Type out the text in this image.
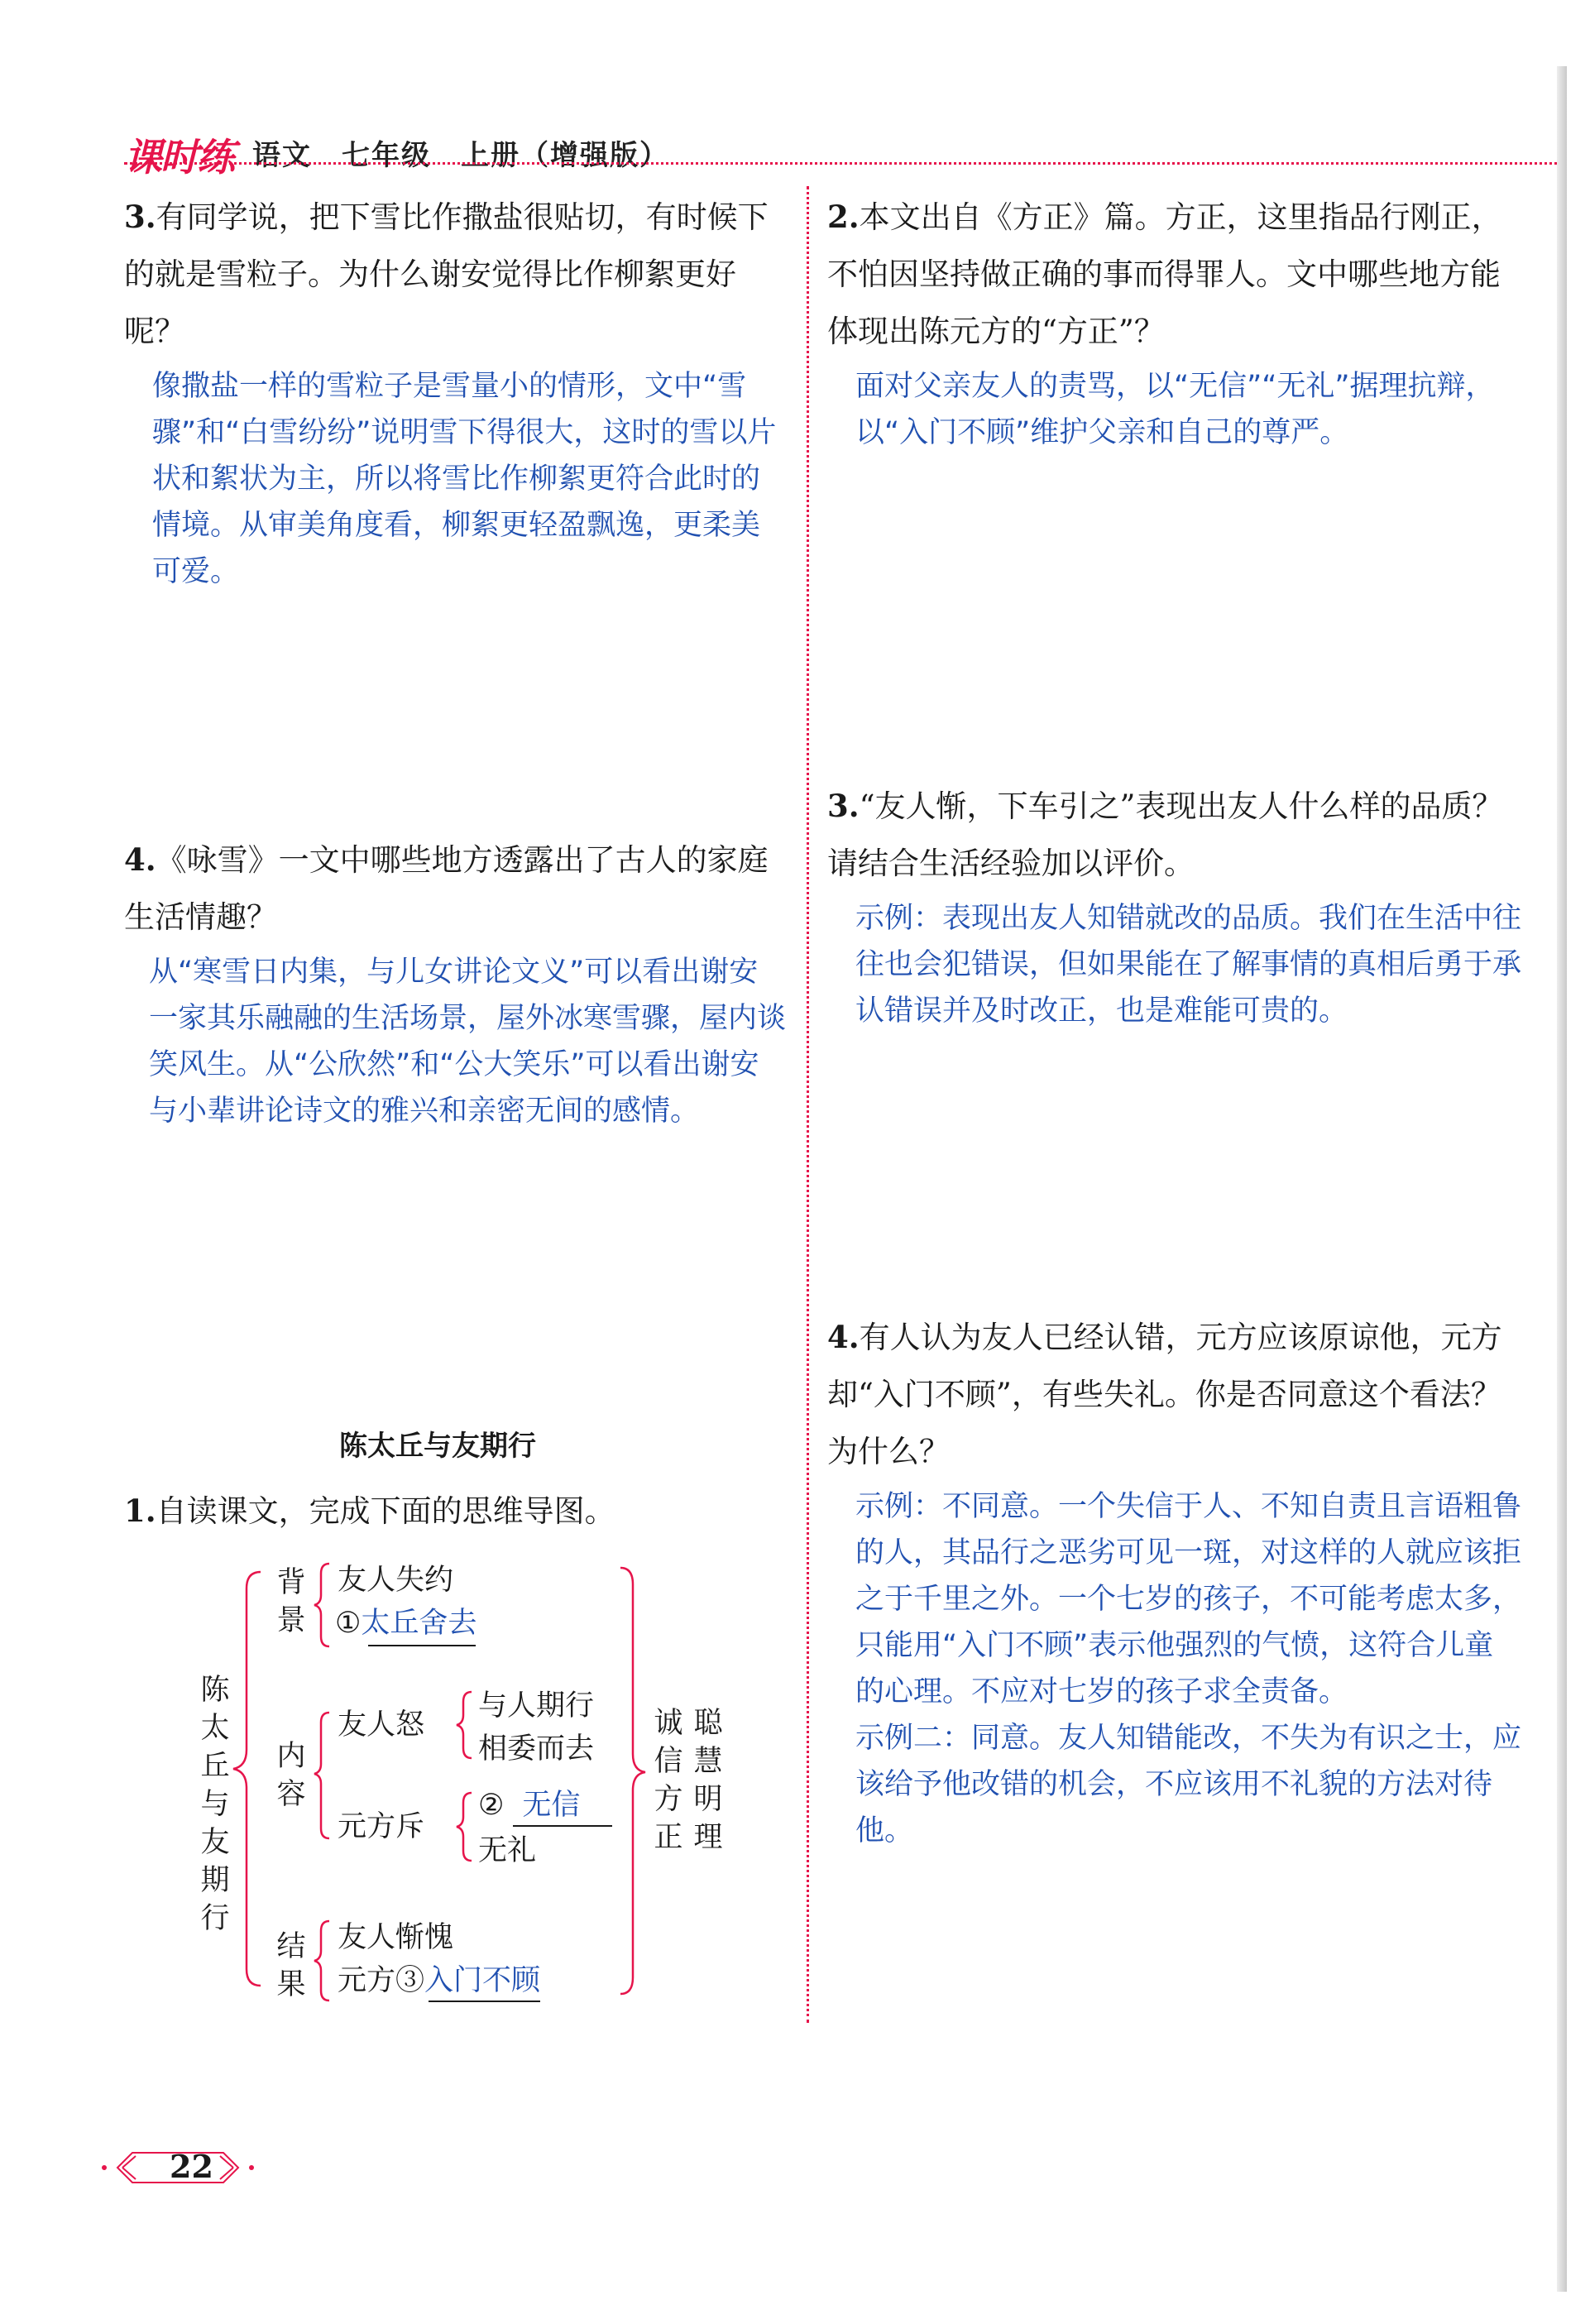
课时练 语文　七年级　上册（增强版）
3.有同学说，把下雪比作撒盐很贴切，有时候下的就是雪粒子。为什么谢安觉得比作柳絮更好呢？
像撒盐一样的雪粒子是雪量小的情形，文中“雪骤”和“白雪纷纷”说明雪下得很大，这时的雪以片状和絮状为主，所以将雪比作柳絮更符合此时的情境。从审美角度看，柳絮更轻盈飘逸，更柔美可爱。
4.《咏雪》一文中哪些地方透露出了古人的家庭生活情趣？
从“寒雪日内集，与儿女讲论文义”可以看出谢安一家其乐融融的生活场景，屋外冰寒雪骤，屋内谈笑风生。从“公欣然”和“公大笑乐”可以看出谢安与小辈讲论诗文的雅兴和亲密无间的感情。
陈太丘与友期行
1.自读课文，完成下面的思维导图。
陈太丘与友期行
背景
友人失约
①太丘舍去
内容
友人怒
与人期行
相委而去
元方斥
② 无信
无礼
结果
友人惭愧
元方③入门不顾
诚信方正
聪慧明理
2.本文出自《方正》篇。方正，这里指品行刚正，不怕因坚持做正确的事而得罪人。文中哪些地方能体现出陈元方的“方正”？
面对父亲友人的责骂，以“无信”“无礼”据理抗辩，以“入门不顾”维护父亲和自己的尊严。
3.“友人惭，下车引之”表现出友人什么样的品质？请结合生活经验加以评价。
示例：表现出友人知错就改的品质。我们在生活中往往也会犯错误，但如果能在了解事情的真相后勇于承认错误并及时改正，也是难能可贵的。
4.有人认为友人已经认错，元方应该原谅他，元方却“入门不顾”，有些失礼。你是否同意这个看法？为什么？
示例：不同意。一个失信于人、不知自责且言语粗鲁的人，其品行之恶劣可见一斑，对这样的人就应该拒之于千里之外。一个七岁的孩子，不可能考虑太多，只能用“入门不顾”表示他强烈的气愤，这符合儿童的心理。不应对七岁的孩子求全责备。
示例二：同意。友人知错能改，不失为有识之士，应该给予他改错的机会，不应该用不礼貌的方法对待他。
22
